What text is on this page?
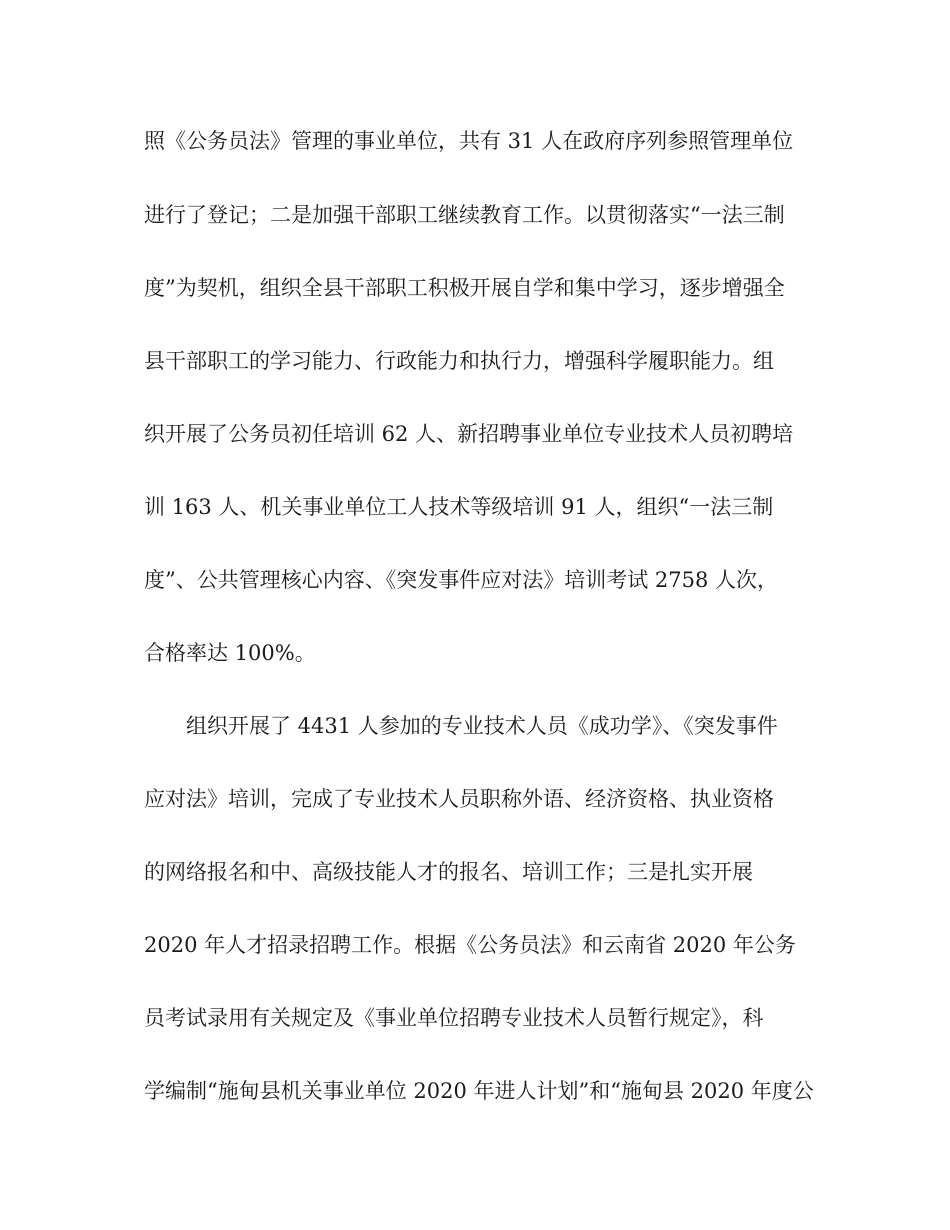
照《公务员法》管理的事业单位，共有 31 人在政府序列参照管理单位
进行了登记；二是加强干部职工继续教育工作。以贯彻落实“一法三制
度”为契机，组织全县干部职工积极开展自学和集中学习，逐步增强全
县干部职工的学习能力、行政能力和执行力，增强科学履职能力。组
织开展了公务员初任培训 62 人、新招聘事业单位专业技术人员初聘培
训 163 人、机关事业单位工人技术等级培训 91 人，组织“一法三制
度”、公共管理核心内容、《突发事件应对法》培训考试 2758 人次，
合格率达 100%。
组织开展了 4431 人参加的专业技术人员《成功学》、《突发事件
应对法》培训，完成了专业技术人员职称外语、经济资格、执业资格
的网络报名和中、高级技能人才的报名、培训工作；三是扎实开展
2020 年人才招录招聘工作。根据《公务员法》和云南省 2020 年公务
员考试录用有关规定及《事业单位招聘专业技术人员暂行规定》，科
学编制“施甸县机关事业单位 2020 年进人计划”和“施甸县 2020 年度公
